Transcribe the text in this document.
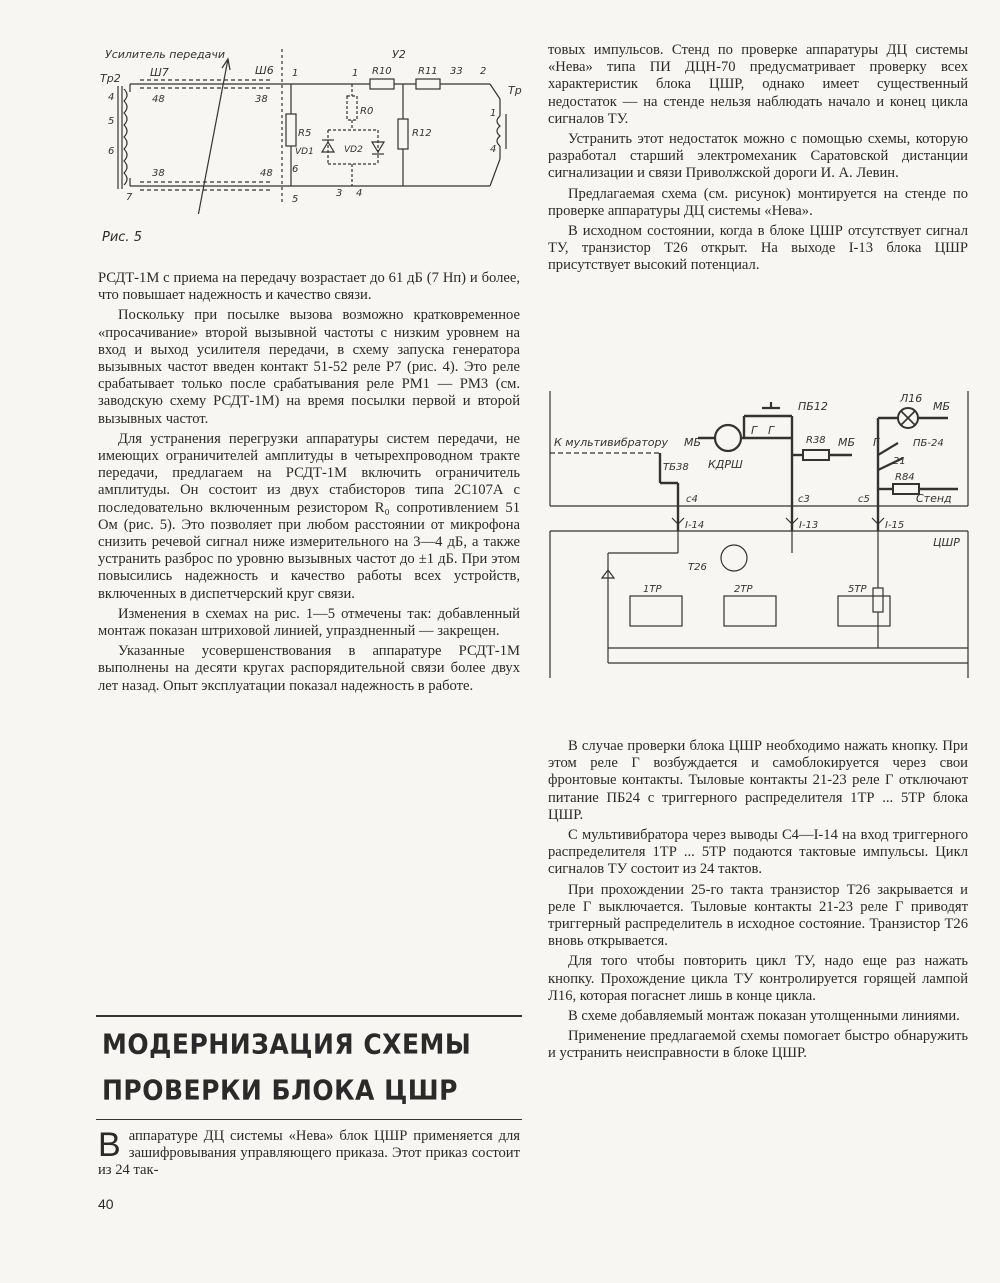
Усилитель передачи
Тр2	Ш7	Ш6
У2
R10	R11 33 2
Тр
4
5
6
7
48	38
38	48
1	1
1
R0
R5	R12
VD1	VD2
6
5
3 4
4
Рис. 5

РСДТ-1М с приема на передачу возрастает до 61 дБ (7 Нп) и более, что повышает надежность и качество связи.

Поскольку при посылке вызова возможно кратковременное «просачивание» второй вызывной частоты с низким уровнем на вход и выход усилителя передачи, в схему запуска генератора вызывных частот введен контакт 51-52 реле Р7 (рис. 4). Это реле срабатывает только после срабатывания реле РМ1 — РМ3 (см. заводскую схему РСДТ-1М) на время посылки первой и второй вызывных частот.

Для устранения перегрузки аппаратуры систем передачи, не имеющих ограничителей амплитуды в четырехпроводном тракте передачи, предлагаем на РСДТ-1М включить ограничитель амплитуды. Он состоит из двух стабисторов типа 2С107А с последовательно включенным резистором R₀ сопротивлением 51 Ом (рис. 5). Это позволяет при любом расстоянии от микрофона снизить речевой сигнал ниже измерительного на 3—4 дБ, а также устранить разброс по уровню вызывных частот до ±1 дБ. При этом повысились надежность и качество работы всех устройств, включенных в диспетчерский круг связи.

Изменения в схемах на рис. 1—5 отмечены так: добавленный монтаж показан штриховой линией, упраздненный — закрещен.

Указанные усовершенствования в аппаратуре РСДТ-1М выполнены на десяти кругах распорядительной связи более двух лет назад. Опыт эксплуатации показал надежность в работе.

МОДЕРНИЗАЦИЯ СХЕМЫ
ПРОВЕРКИ БЛОКА ЦШР
В аппаратуре ДЦ системы «Нева» блок ЦШР применяется для зашифровывания управляющего приказа. Этот приказ состоит из 24 так-
40

товых импульсов. Стенд по проверке аппаратуры ДЦ системы «Нева» типа ПИ ДЦН-70 предусматривает проверку всех характеристик блока ЦШР, однако имеет существенный недостаток — на стенде нельзя наблюдать начало и конец цикла сигналов ТУ.

Устранить этот недостаток можно с помощью схемы, которую разработал старший электромеханик Саратовской дистанции сигнализации и связи Приволжской дороги И. А. Левин.

Предлагаемая схема (см. рисунок) монтируется на стенде по проверке аппаратуры ДЦ системы «Нева».

В исходном состоянии, когда в блоке ЦШР отсутствует сигнал ТУ, транзистор Т26 открыт. На выходе I-13 блока ЦШР присутствует высокий потенциал.

ПБ12
Л16
МБ
К мультивибратору МБ
Г Г
R38 МБ Г	ПБ-24
21
ТБ38 КДРШ
R84
Стенд
с4	с3	с5
I-14	I-13	I-15
ЦШР
Т26
1ТР	2ТР	5ТР

В случае проверки блока ЦШР необходимо нажать кнопку. При этом реле Г возбуждается и самоблокируется через свои фронтовые контакты. Тыловые контакты 21-23 реле Г отключают питание ПБ24 с триггерного распределителя 1ТР ... 5ТР блока ЦШР.

С мультивибратора через выводы С4—I-14 на вход триггерного распределителя 1ТР ... 5ТР подаются тактовые импульсы. Цикл сигналов ТУ состоит из 24 тактов.

При прохождении 25-го такта транзистор Т26 закрывается и реле Г выключается. Тыловые контакты 21-23 реле Г приводят триггерный распределитель в исходное состояние. Транзистор Т26 вновь открывается.

Для того чтобы повторить цикл ТУ, надо еще раз нажать кнопку. Прохождение цикла ТУ контролируется горящей лампой Л16, которая погаснет лишь в конце цикла.

В схеме добавляемый монтаж показан утолщенными линиями.

Применение предлагаемой схемы помогает быстро обнаружить и устранить неисправности в блоке ЦШР.
